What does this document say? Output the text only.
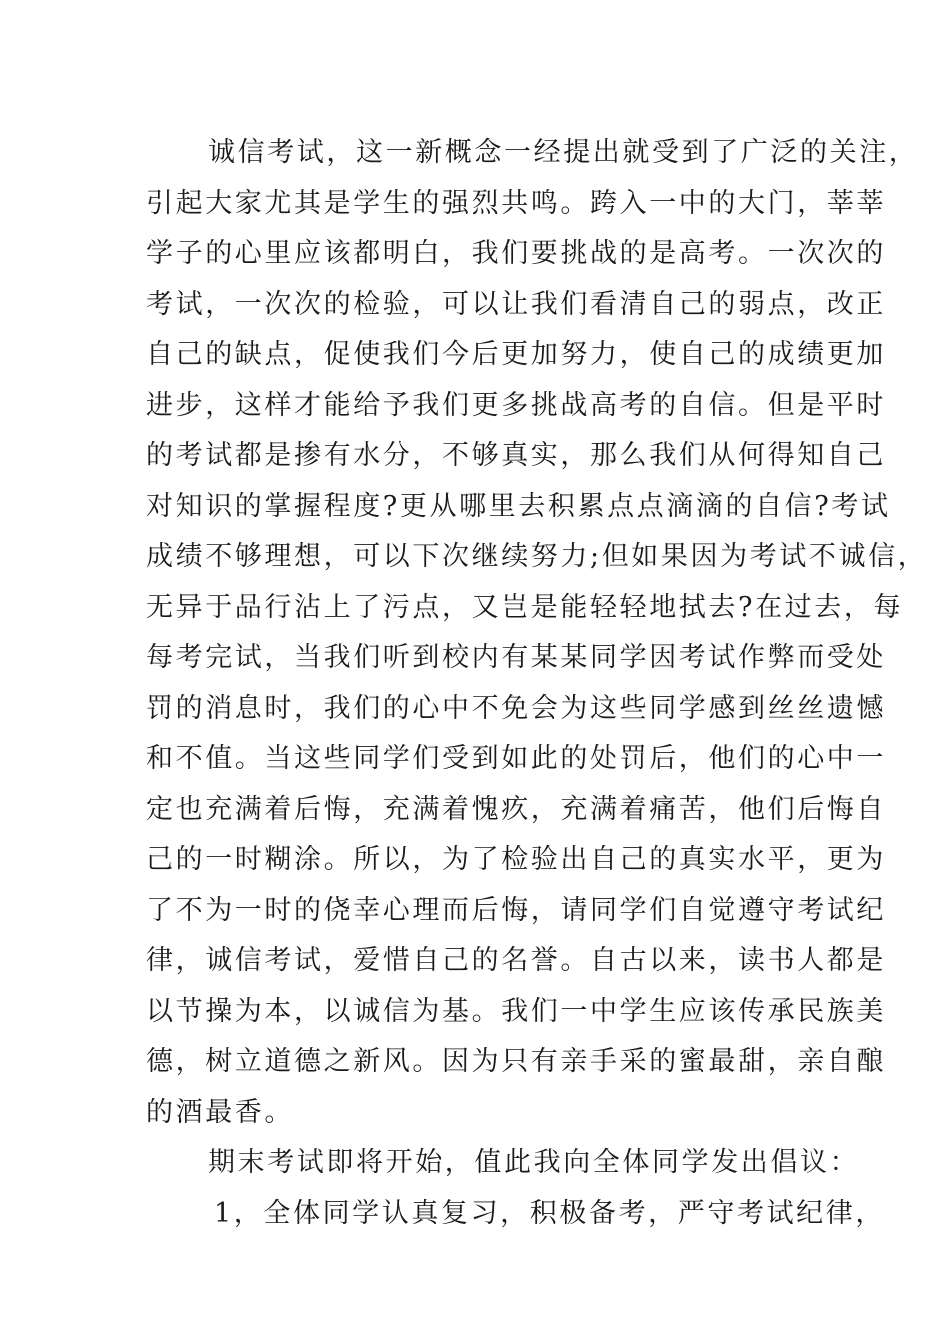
诚信考试，这一新概念一经提出就受到了广泛的关注，
引起大家尤其是学生的强烈共鸣。跨入一中的大门，莘莘
学子的心里应该都明白，我们要挑战的是高考。一次次的
考试，一次次的检验，可以让我们看清自己的弱点，改正
自己的缺点，促使我们今后更加努力，使自己的成绩更加
进步，这样才能给予我们更多挑战高考的自信。但是平时
的考试都是掺有水分，不够真实，那么我们从何得知自己
对知识的掌握程度?更从哪里去积累点点滴滴的自信?考试
成绩不够理想，可以下次继续努力;但如果因为考试不诚信，
无异于品行沾上了污点，又岂是能轻轻地拭去?在过去，每
每考完试，当我们听到校内有某某同学因考试作弊而受处
罚的消息时，我们的心中不免会为这些同学感到丝丝遗憾
和不值。当这些同学们受到如此的处罚后，他们的心中一
定也充满着后悔，充满着愧疚，充满着痛苦，他们后悔自
己的一时糊涂。所以，为了检验出自己的真实水平，更为
了不为一时的侥幸心理而后悔，请同学们自觉遵守考试纪
律，诚信考试，爱惜自己的名誉。自古以来，读书人都是
以节操为本，以诚信为基。我们一中学生应该传承民族美
德，树立道德之新风。因为只有亲手采的蜜最甜，亲自酿
的酒最香。
期末考试即将开始，值此我向全体同学发出倡议：
1，全体同学认真复习，积极备考，严守考试纪律，
